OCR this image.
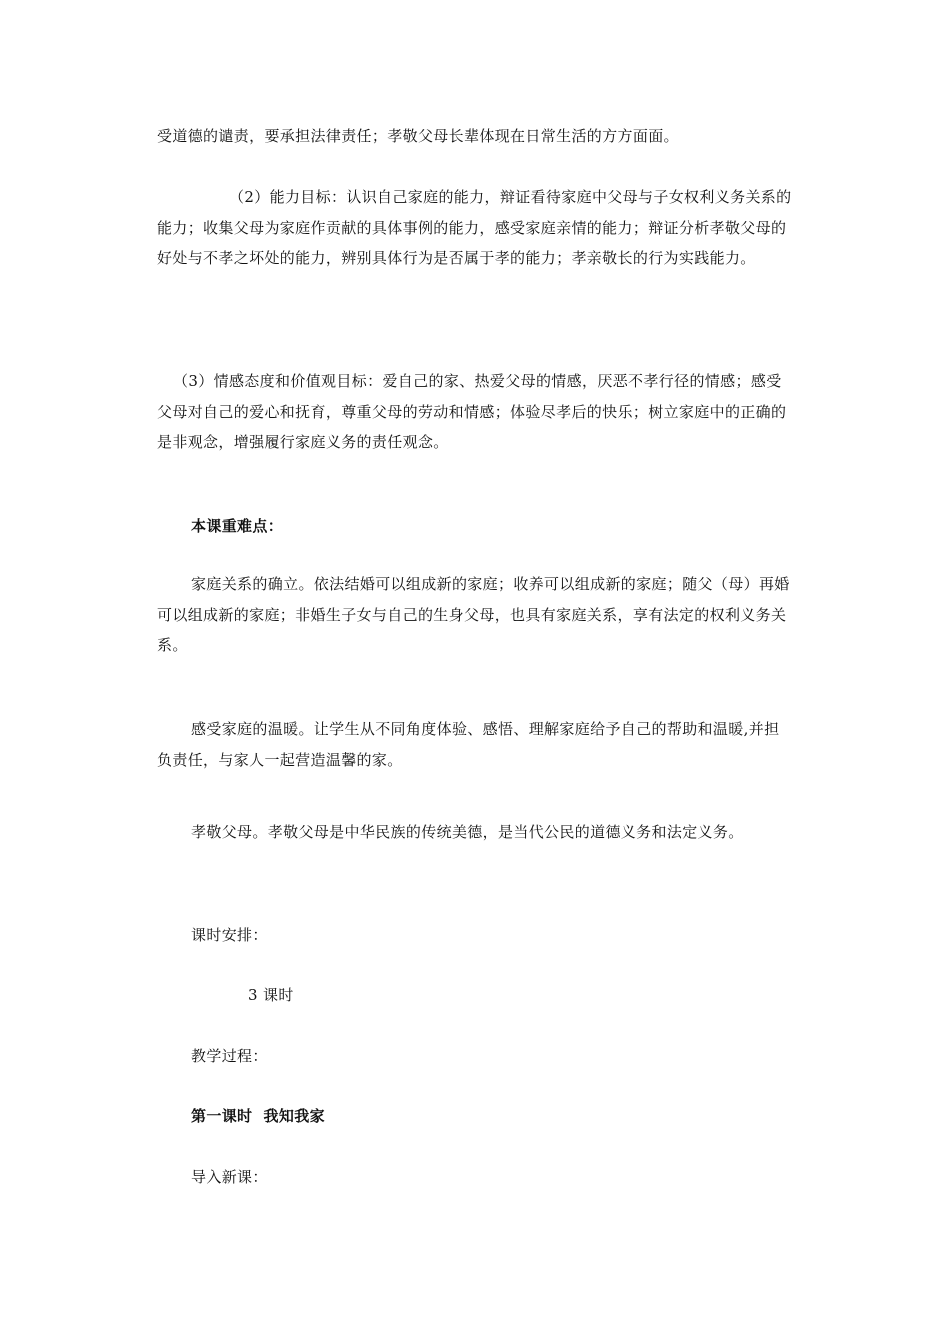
受道德的谴责，要承担法律责任；孝敬父母长辈体现在日常生活的方方面面。
（2）能力目标：认识自己家庭的能力，辩证看待家庭中父母与子女权利义务关系的能力；收集父母为家庭作贡献的具体事例的能力，感受家庭亲情的能力；辩证分析孝敬父母的好处与不孝之坏处的能力，辨别具体行为是否属于孝的能力；孝亲敬长的行为实践能力。
（3）情感态度和价值观目标：爱自己的家、热爱父母的情感，厌恶不孝行径的情感；感受父母对自己的爱心和抚育，尊重父母的劳动和情感；体验尽孝后的快乐；树立家庭中的正确的是非观念，增强履行家庭义务的责任观念。
本课重难点：
家庭关系的确立。依法结婚可以组成新的家庭；收养可以组成新的家庭；随父（母）再婚可以组成新的家庭；非婚生子女与自己的生身父母，也具有家庭关系，享有法定的权利义务关系。
感受家庭的温暖。让学生从不同角度体验、感悟、理解家庭给予自己的帮助和温暖,并担负责任，与家人一起营造温馨的家。
孝敬父母。孝敬父母是中华民族的传统美德，是当代公民的道德义务和法定义务。
课时安排：
3 课时
教学过程：
第一课时  我知我家
导入新课：
